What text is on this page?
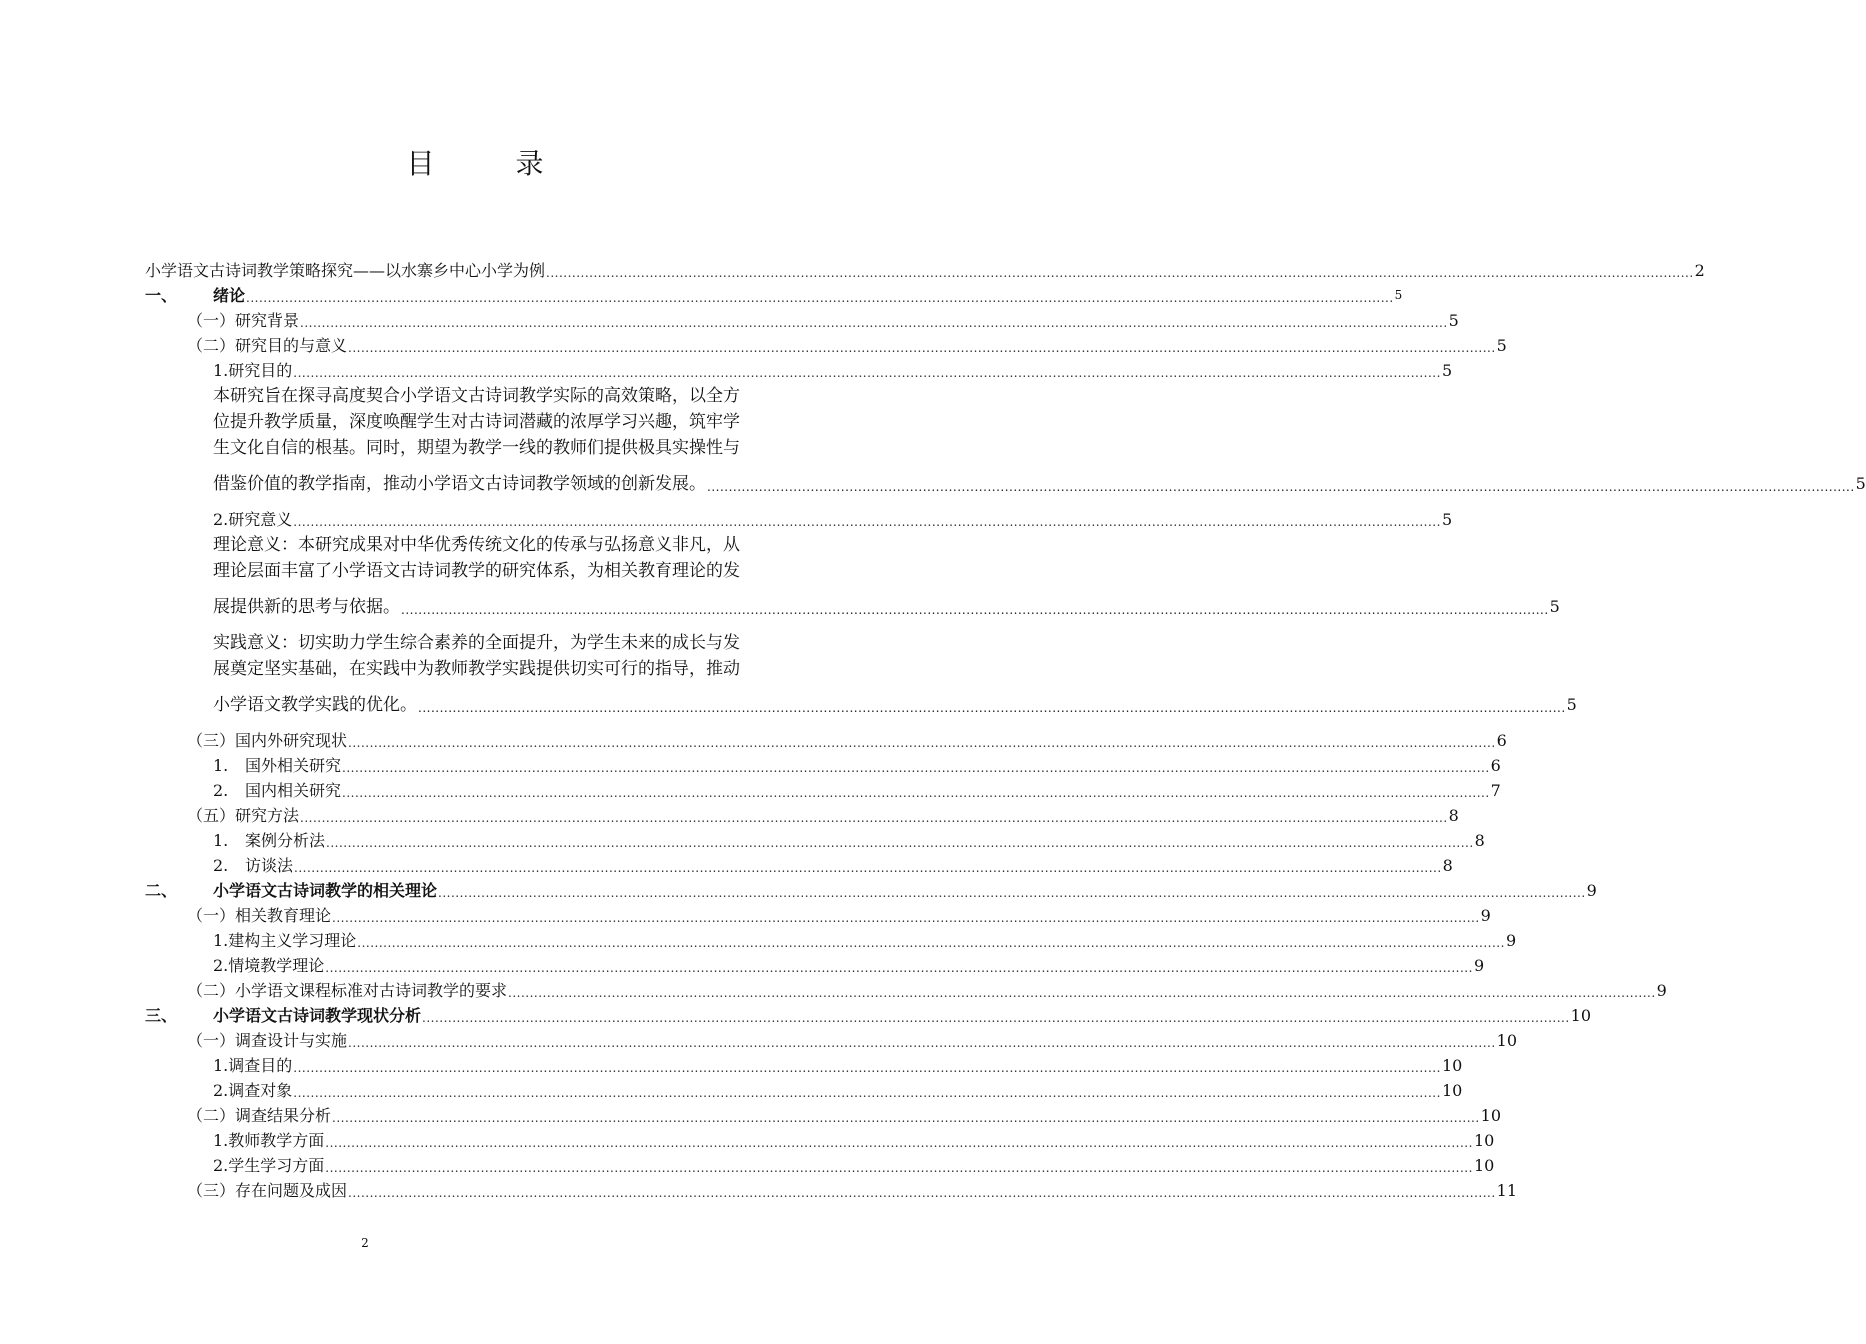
目 录
小学语文古诗词教学策略探究——以水寨乡中心小学为例 .......................................................................................................................................................................................................................................................................... 2
一、	绪论 .......................................................................................................................................................................................................................................................................... 5
（一）研究背景 .......................................................................................................................................................................................................................................................................... 5
（二）研究目的与意义 .......................................................................................................................................................................................................................................................................... 5
1.研究目的 .......................................................................................................................................................................................................................................................................... 5
本研究旨在探寻高度契合小学语文古诗词教学实际的高效策略，以全方
位提升教学质量，深度唤醒学生对古诗词潜藏的浓厚学习兴趣，筑牢学
生文化自信的根基。同时，期望为教学一线的教师们提供极具实操性与
借鉴价值的教学指南，推动小学语文古诗词教学领域的创新发展。 .......................................................................................................................................................................................................................................................................... 5
2.研究意义 .......................................................................................................................................................................................................................................................................... 5
理论意义：本研究成果对中华优秀传统文化的传承与弘扬意义非凡，从
理论层面丰富了小学语文古诗词教学的研究体系，为相关教育理论的发
展提供新的思考与依据。 .......................................................................................................................................................................................................................................................................... 5
实践意义：切实助力学生综合素养的全面提升，为学生未来的成长与发
展奠定坚实基础，在实践中为教师教学实践提供切实可行的指导，推动
小学语文教学实践的优化。 .......................................................................................................................................................................................................................................................................... 5
（三）国内外研究现状 .......................................................................................................................................................................................................................................................................... 6
1.	国外相关研究 .......................................................................................................................................................................................................................................................................... 6
2.	国内相关研究 .......................................................................................................................................................................................................................................................................... 7
（五）研究方法 .......................................................................................................................................................................................................................................................................... 8
1.	案例分析法 .......................................................................................................................................................................................................................................................................... 8
2.	访谈法 .......................................................................................................................................................................................................................................................................... 8
二、	小学语文古诗词教学的相关理论 .......................................................................................................................................................................................................................................................................... 9
（一）相关教育理论 .......................................................................................................................................................................................................................................................................... 9
1.建构主义学习理论 .......................................................................................................................................................................................................................................................................... 9
2.情境教学理论 .......................................................................................................................................................................................................................................................................... 9
（二）小学语文课程标准对古诗词教学的要求 .......................................................................................................................................................................................................................................................................... 9
三、	小学语文古诗词教学现状分析 .......................................................................................................................................................................................................................................................................... 10
（一）调查设计与实施 .......................................................................................................................................................................................................................................................................... 10
1.调查目的 .......................................................................................................................................................................................................................................................................... 10
2.调查对象 .......................................................................................................................................................................................................................................................................... 10
（二）调查结果分析 .......................................................................................................................................................................................................................................................................... 10
1.教师教学方面 .......................................................................................................................................................................................................................................................................... 10
2.学生学习方面 .......................................................................................................................................................................................................................................................................... 10
（三）存在问题及成因 .......................................................................................................................................................................................................................................................................... 11
2
